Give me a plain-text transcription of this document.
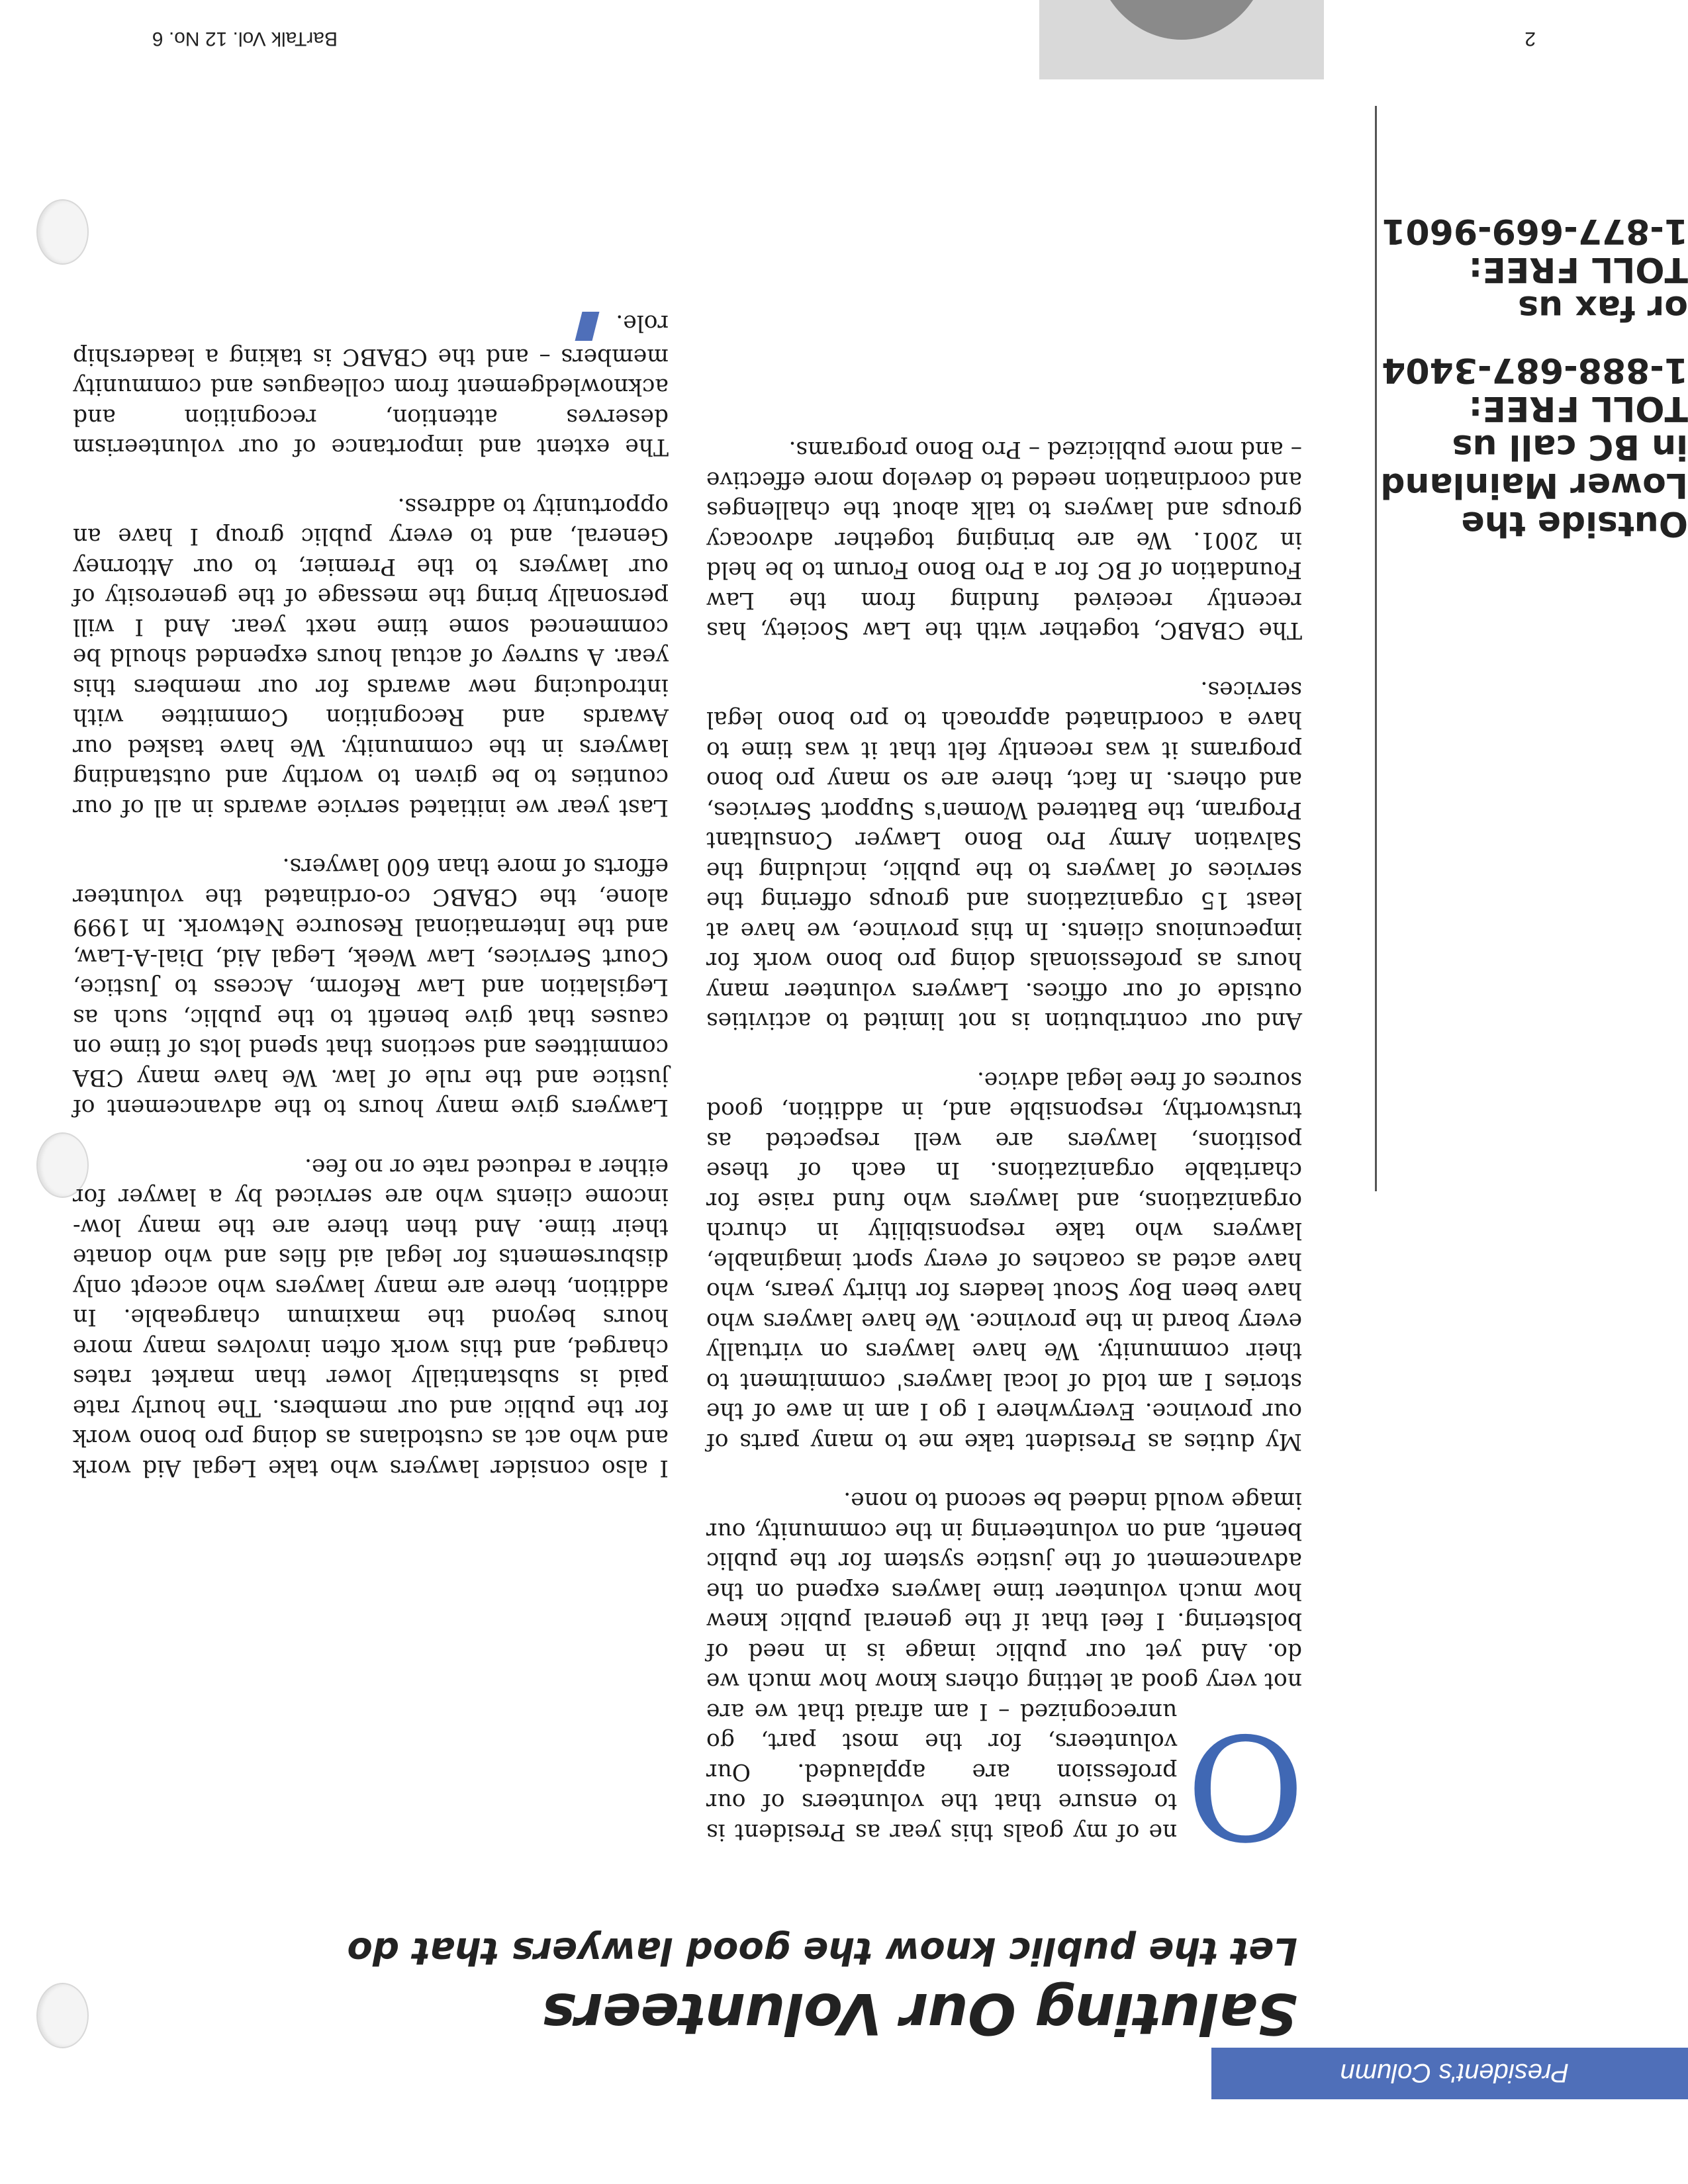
President's Column
Saluting Our Volunteers
Let the public know the good lawyers that do
Outside the
Lower Mainland
in BC call us
TOLL FREE:
1-888-687-3404
or fax us
TOLL FREE:
1-877-669-9601

O
ne of my goals this year as President is to ensure that the volunteers of our profession are applauded. Our volunteers, for the most part, go unrecognized – I am afraid that we are not very good at letting others know how much we do. And yet our public image is in need of bolstering. I feel that if the general public knew how much volunteer time lawyers expend on the advancement of the justice system for the public benefit, and on volunteering in the community, our image would indeed be second to none.

My duties as President take me to many parts of our province. Everywhere I go I am in awe of the stories I am told of local lawyers' commitment to their community. We have lawyers on virtually every board in the province. We have lawyers who have been Boy Scout leaders for thirty years, who have acted as coaches of every sport imaginable, lawyers who take responsibility in church organizations, and lawyers who fund raise for charitable organizations. In each of these positions, lawyers are well respected as trustworthy, responsible and, in addition, good sources of free legal advice.

And our contribution is not limited to activities outside of our offices. Lawyers volunteer many hours as professionals doing pro bono work for impecunious clients. In this province, we have at least 15 organizations and groups offering the services of lawyers to the public, including the Salvation Army Pro Bono Lawyer Consultant Program, the Battered Women's Support Services, and others. In fact, there are so many pro bono programs it was recently felt that it was time to have a coordinated approach to pro bono legal services.

The CBABC, together with the Law Society, has recently received funding from the Law Foundation of BC for a Pro Bono Forum to be held in 2001. We are bringing together advocacy groups and lawyers to talk about the challenges and coordination needed to develop more effective – and more publicized – Pro Bono programs.

I also consider lawyers who take Legal Aid work and who act as custodians as doing pro bono work for the public and our members. The hourly rate paid is substantially lower than market rates charged, and this work often involves many more hours beyond the maximum chargeable. In addition, there are many lawyers who accept only disbursements for legal aid files and who donate their time. And then there are the many low-income clients who are serviced by a lawyer for either a reduced rate or no fee.

Lawyers give many hours to the advancement of justice and the rule of law. We have many CBA committees and sections that spend lots of time on causes that give benefit to the public, such as Legislation and Law Reform, Access to Justice, Court Services, Law Week, Legal Aid, Dial-A-Law, and the International Resource Network. In 1999 alone, the CBABC co-ordinated the volunteer efforts of more than 600 lawyers.

Last year we initiated service awards in all of our counties to be given to worthy and outstanding lawyers in the community. We have tasked our Awards and Recognition Committee with introducing new awards for our members this year. A survey of actual hours expended should be commenced some time next year. And I will personally bring the message of the generosity of our lawyers to the Premier, to our Attorney General, and to every public group I have an opportunity to address.

The extent and importance of our volunteerism deserves attention, recognition and acknowledgement from colleagues and community members – and the CBABC is taking a leadership role.

2
BarTalk Vol. 12 No. 6
